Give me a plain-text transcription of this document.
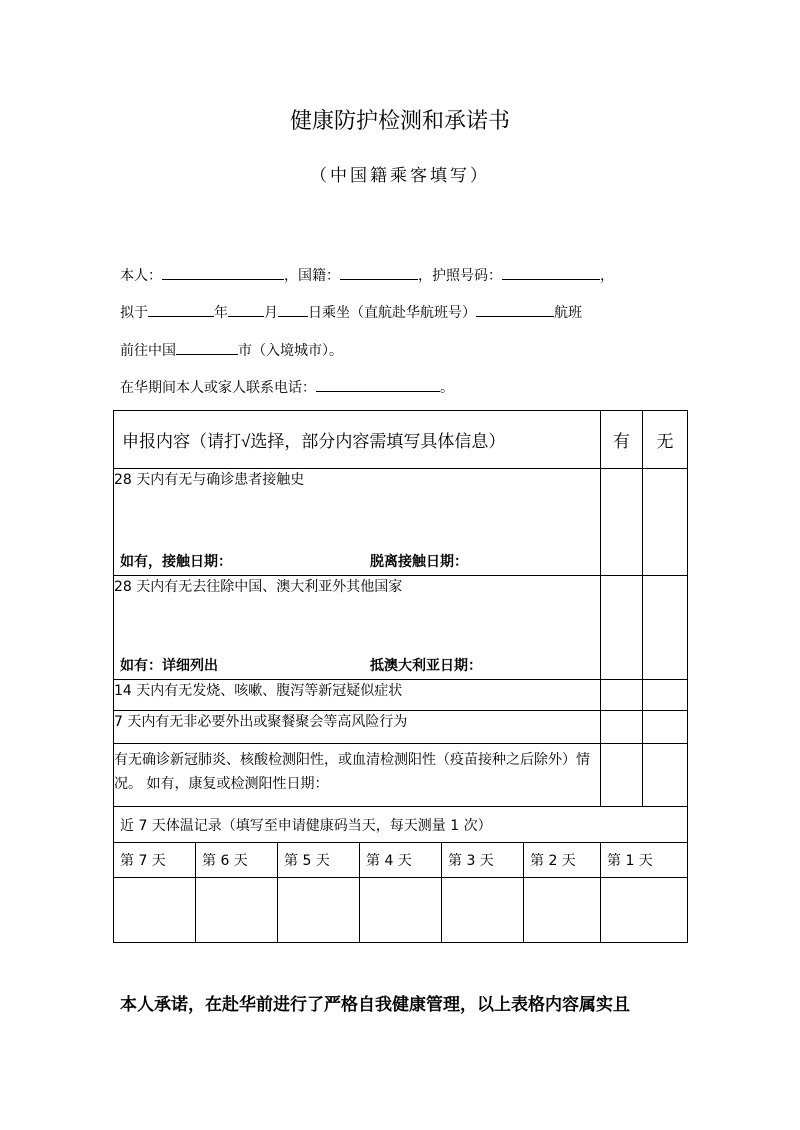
健康防护检测和承诺书
（中国籍乘客填写）
本人：	，国籍：	，护照号码：	，
拟于	年	月 日乘坐（直航赴华航班号）	航班
前往中国	市（入境城市）。
在华期间本人或家人联系电话：	。
申报内容（请打√选择，部分内容需填写具体信息）						有	无

28 天内有无与确诊患者接触史
如有，接触日期： 脱离接触日期：							

28 天内有无去往除中国、澳大利亚外其他国家
如有：详细列出 抵澳大利亚日期：							

14 天内有无发烧、咳嗽、腹泻等新冠疑似症状							

7 天内有无非必要外出或聚餐聚会等高风险行为							

有无确诊新冠肺炎、核酸检测阳性，或血清检测阳性（疫苗接种之后除外）情况。 如有，康复或检测阳性日期：							

近 7 天体温记录（填写至申请健康码当天，每天测量 1 次）							
第 7 天	第 6 天	第 5 天	第 4 天	第 3 天	第 2 天	第 1 天	

本人承诺，在赴华前进行了严格自我健康管理，以上表格内容属实且
